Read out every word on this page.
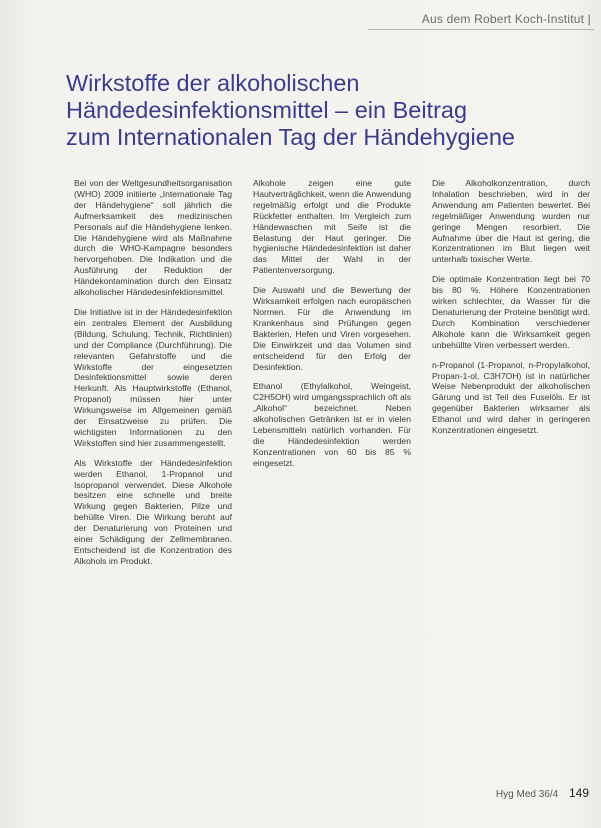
Aus dem Robert Koch-Institut |
Wirkstoffe der alkoholischen
Händedesinfektionsmittel – ein Beitrag
zum Internationalen Tag der Händehygiene

Bei von der Weltgesundheitsorganisation (WHO) 2009 initiierte „Internationale Tag der Händehygiene“ soll jährlich die Aufmerksamkeit des medizinischen Personals auf die Händehygiene lenken. Die Händehygiene wird als Maßnahme durch die WHO-Kampagne besonders hervorgehoben. Die Indikation und die Ausführung der Reduktion der Händekontamination durch den Einsatz alkoholischer Händedesinfektionsmittel.

Die Initiative ist in der Händedesinfektion ein zentrales Element der Ausbildung (Bildung, Schulung, Technik, Richtlinien) und der Compliance (Durchführung). Die relevanten Gefahrstoffe und die Wirkstoffe der eingesetzten Desinfektionsmittel sowie deren Herkunft. Als Hauptwirkstoffe (Ethanol, Propanol) müssen hier unter Wirkungsweise im Allgemeinen gemäß der Einsatzweise zu prüfen. Die wichtigsten Informationen zu den Wirkstoffen sind hier zusammengestellt.

Als Wirkstoffe der Händedesinfektion werden Ethanol, 1-Propanol und Isopropanol verwendet. Diese Alkohole besitzen eine schnelle und breite Wirkung gegen Bakterien, Pilze und behüllte Viren. Die Wirkung beruht auf der Denaturierung von Proteinen und einer Schädigung der Zellmembranen. Entscheidend ist die Konzentration des Alkohols im Produkt.

Alkohole zeigen eine gute Hautverträglichkeit, wenn die Anwendung regelmäßig erfolgt und die Produkte Rückfetter enthalten. Im Vergleich zum Händewaschen mit Seife ist die Belastung der Haut geringer. Die hygienische Händedesinfektion ist daher das Mittel der Wahl in der Patientenversorgung.

Die Auswahl und die Bewertung der Wirksamkeit erfolgen nach europäischen Normen. Für die Anwendung im Krankenhaus sind Prüfungen gegen Bakterien, Hefen und Viren vorgesehen. Die Einwirkzeit und das Volumen sind entscheidend für den Erfolg der Desinfektion.

Ethanol (Ethylalkohol, Weingeist, C2H5OH) wird umgangssprachlich oft als „Alkohol“ bezeichnet. Neben alkoholischen Getränken ist er in vielen Lebensmitteln natürlich vorhanden. Für die Händedesinfektion werden Konzentrationen von 60 bis 85 % eingesetzt.

Die Alkoholkonzentration, durch Inhalation beschrieben, wird in der Anwendung am Patienten bewertet. Bei regelmäßiger Anwendung wurden nur geringe Mengen resorbiert. Die Aufnahme über die Haut ist gering, die Konzentrationen im Blut liegen weit unterhalb toxischer Werte.

Die optimale Konzentration liegt bei 70 bis 80 %. Höhere Konzentrationen wirken schlechter, da Wasser für die Denaturierung der Proteine benötigt wird. Durch Kombination verschiedener Alkohole kann die Wirksamkeit gegen unbehüllte Viren verbessert werden.

n-Propanol (1-Propanol, n-Propylalkohol, Propan-1-ol, C3H7OH) ist in natürlicher Weise Nebenprodukt der alkoholischen Gärung und ist Teil des Fuselöls. Er ist gegenüber Bakterien wirksamer als Ethanol und wird daher in geringeren Konzentrationen eingesetzt.

Hyg Med 36/4 149
